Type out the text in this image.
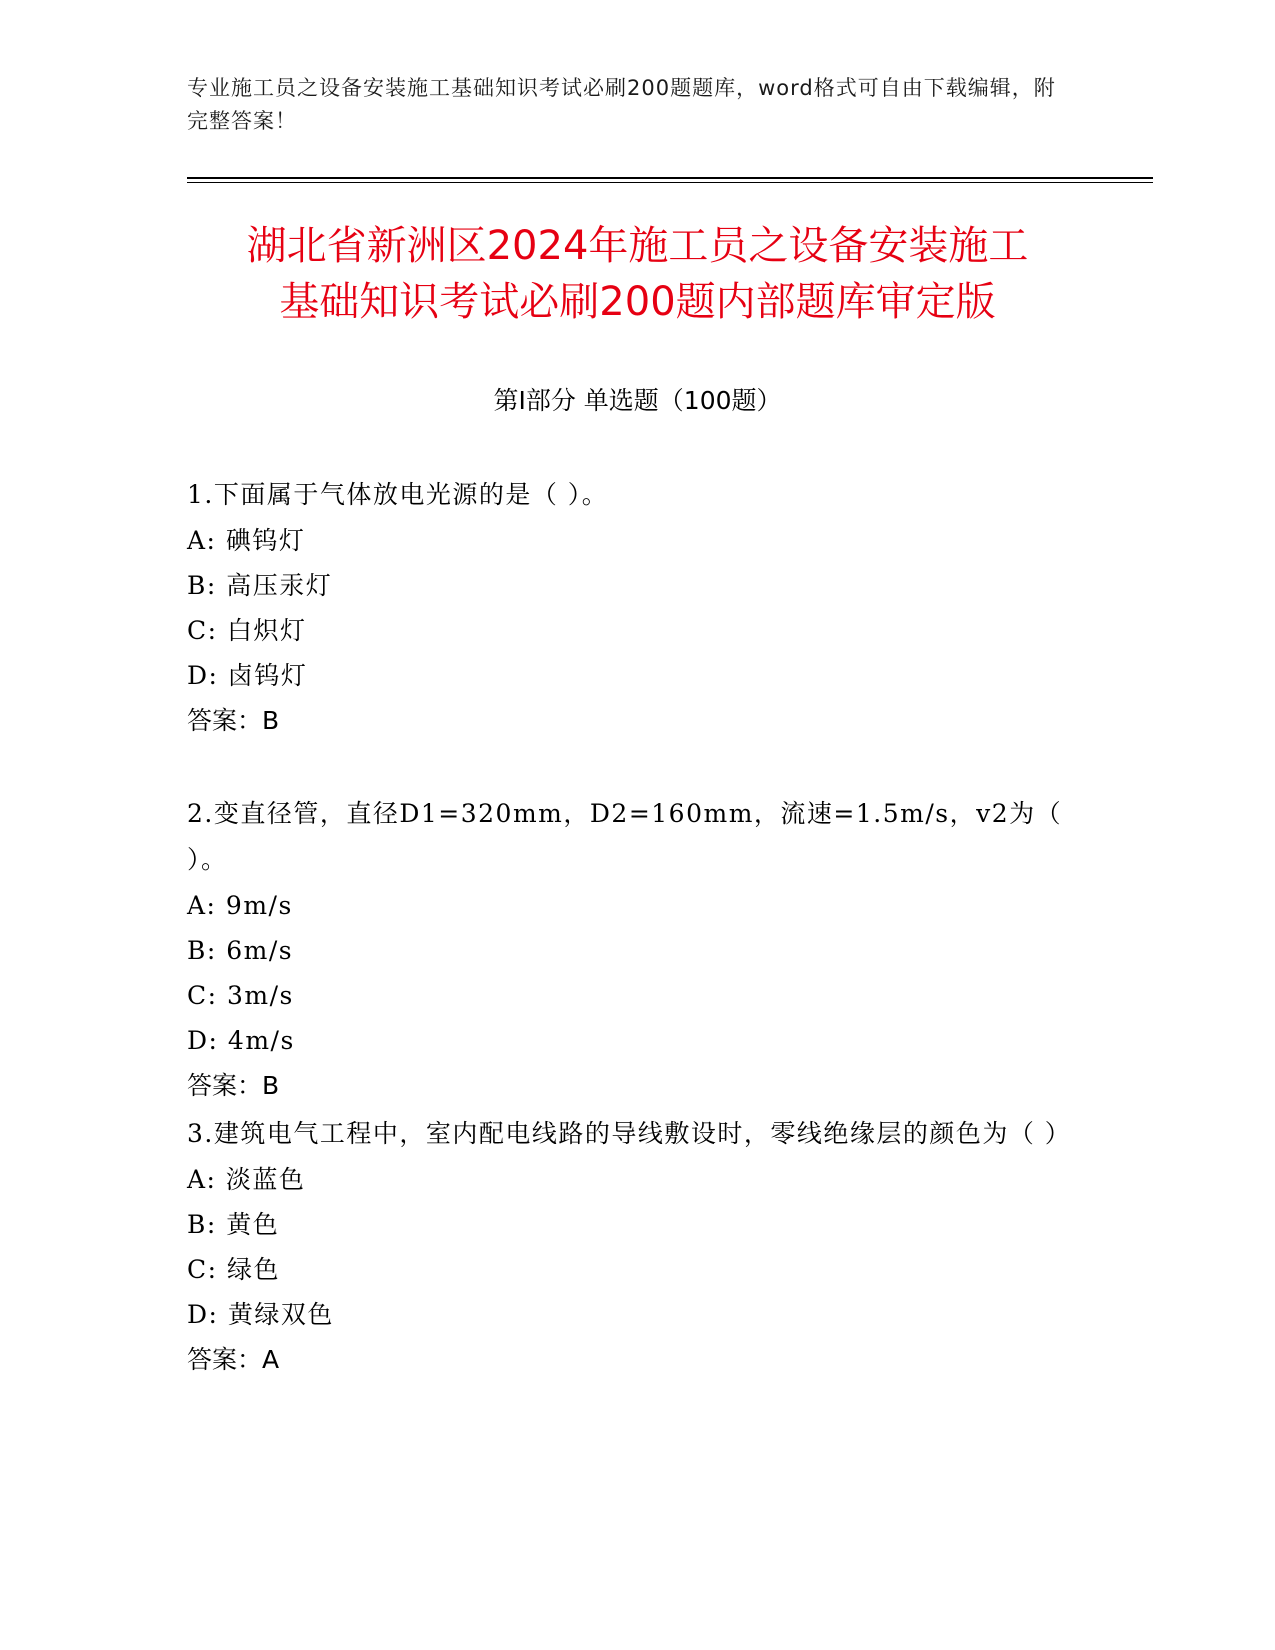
专业施工员之设备安装施工基础知识考试必刷200题题库，word格式可自由下载编辑，附完整答案！
湖北省新洲区2024年施工员之设备安装施工
基础知识考试必刷200题内部题库审定版
第Ⅰ部分 单选题（100题）

1.下面属于气体放电光源的是（ ）。

A: 碘钨灯

B: 高压汞灯

C: 白炽灯

D: 卤钨灯

答案：B

2.变直径管，直径D1=320mm，D2=160mm，流速=1.5m/s，v2为（ ）。

A: 9m/s

B: 6m/s

C: 3m/s

D: 4m/s

答案：B

3.建筑电气工程中，室内配电线路的导线敷设时，零线绝缘层的颜色为（ ）

A: 淡蓝色

B: 黄色

C: 绿色

D: 黄绿双色

答案：A
